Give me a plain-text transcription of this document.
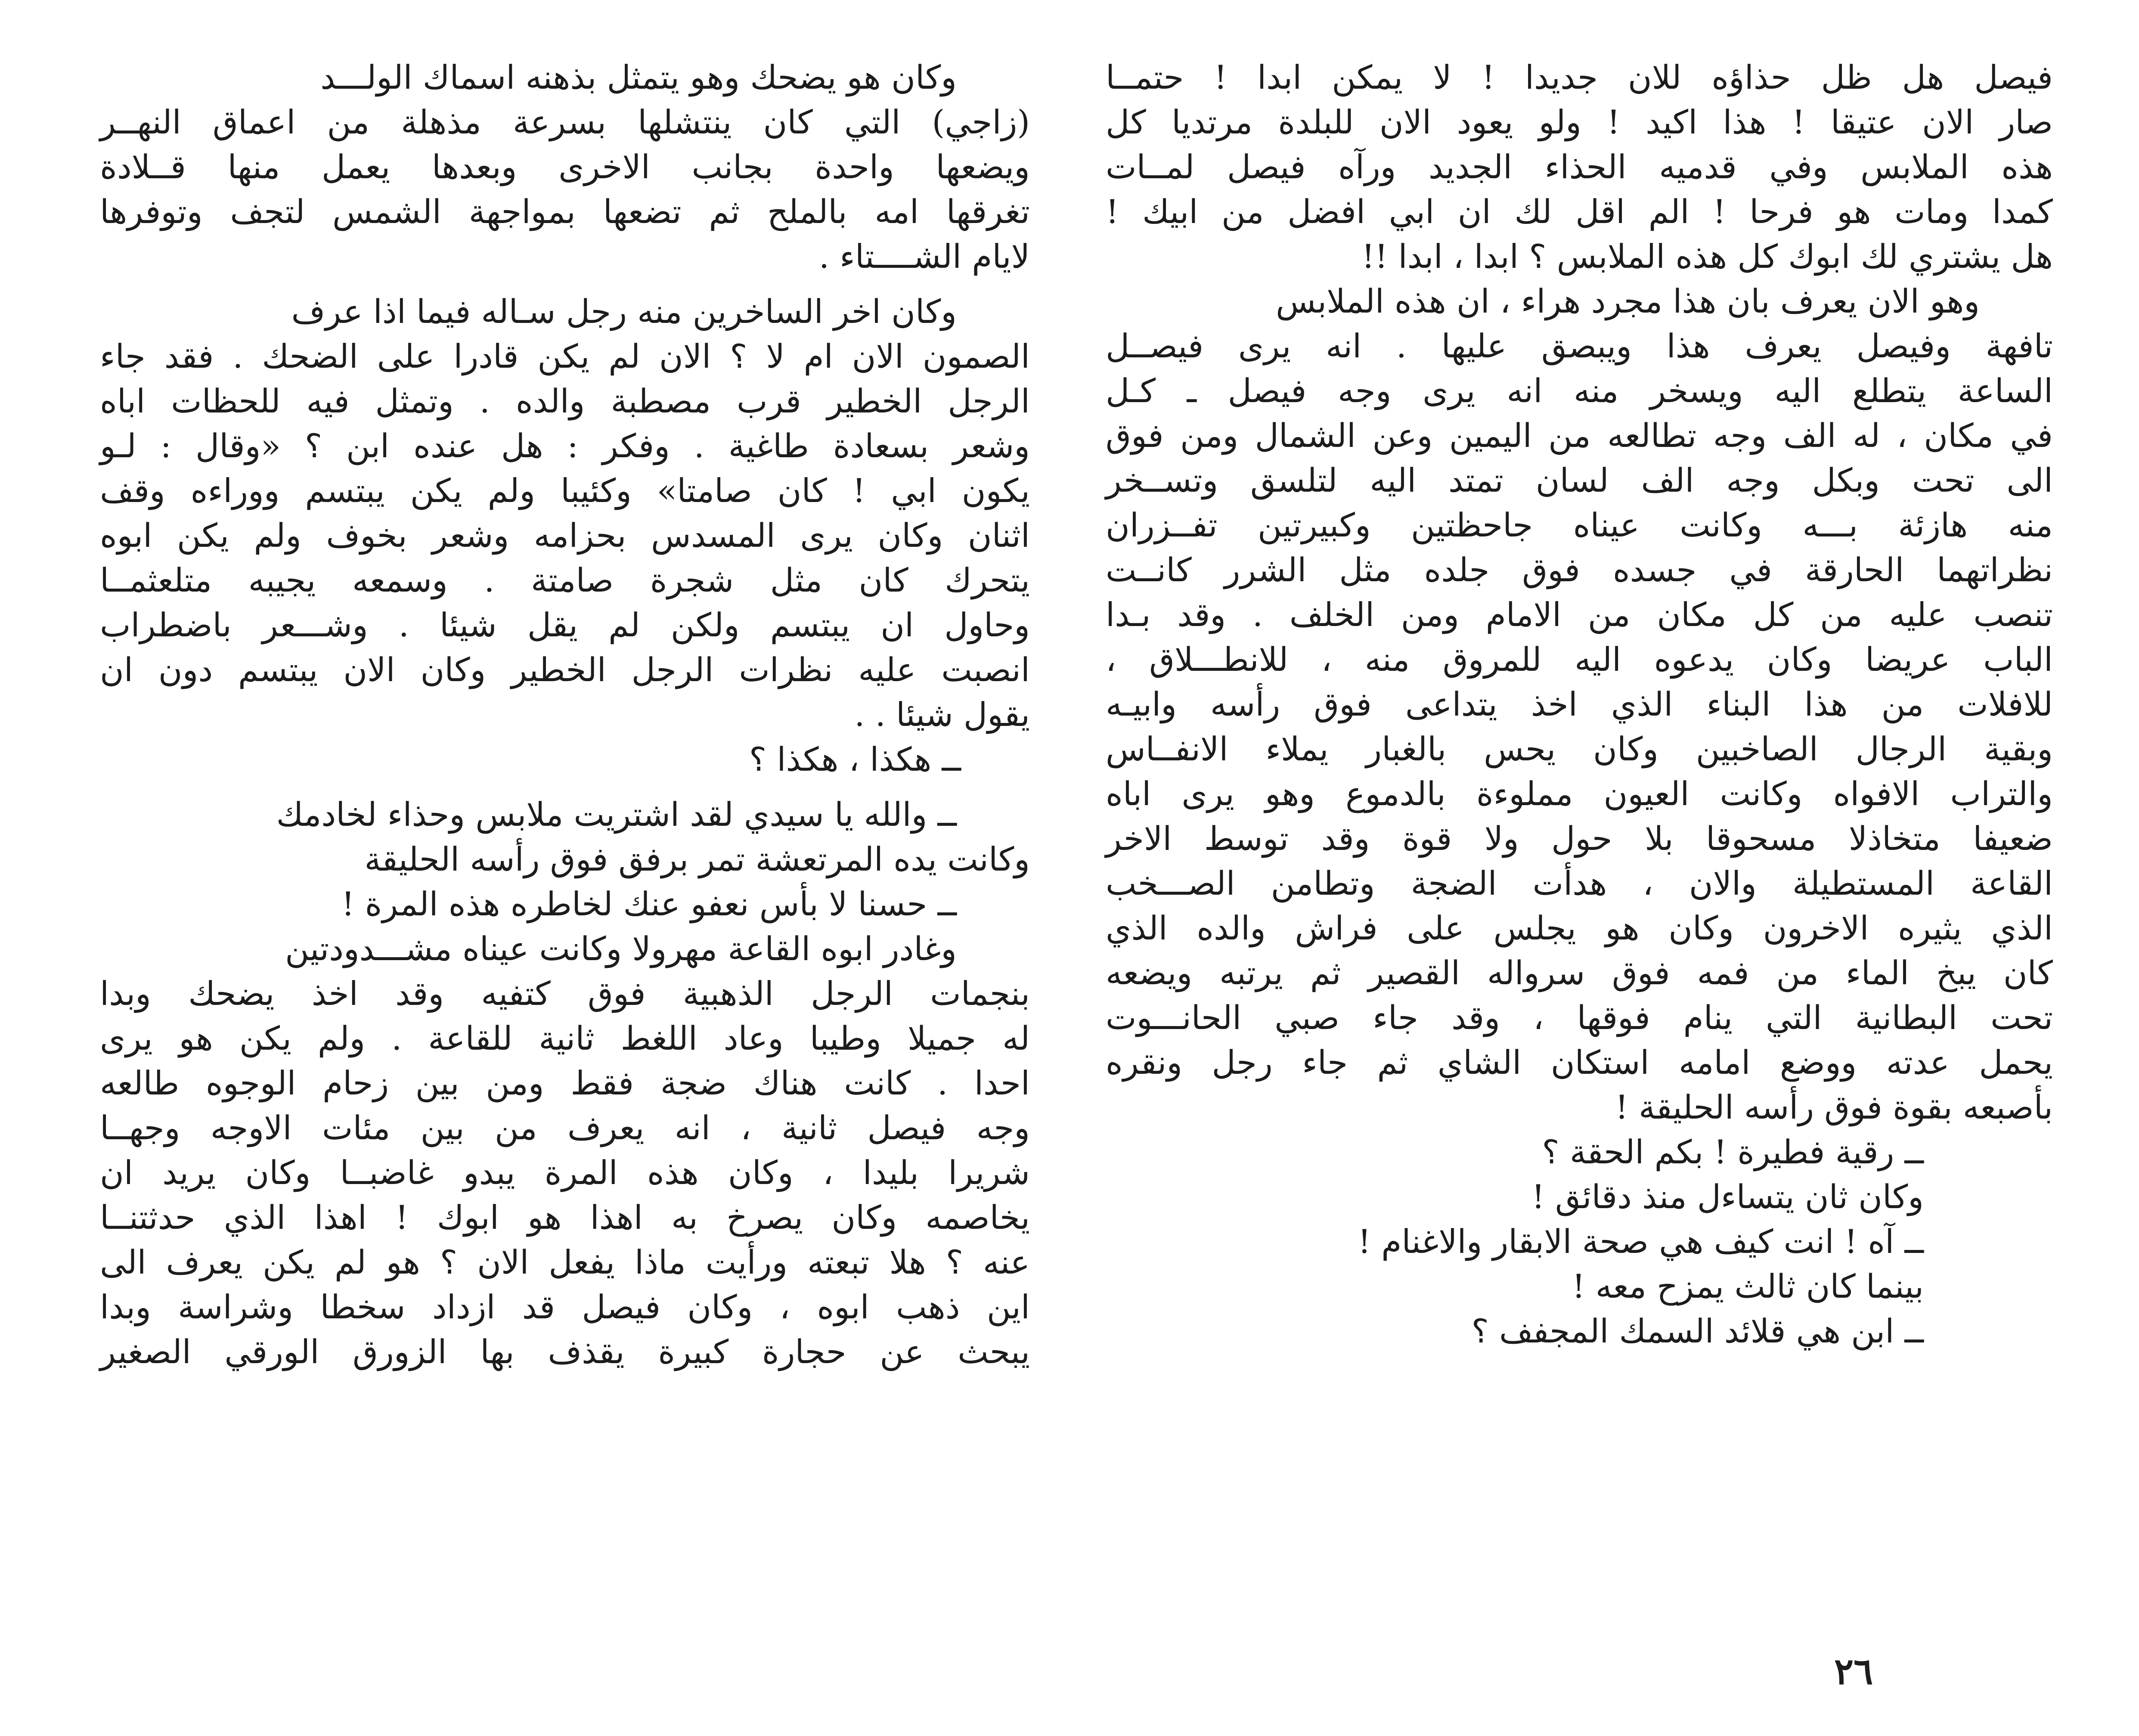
فيصل هل ظل حذاؤه للان جديدا ! لا يمكن ابدا ! حتمــا
صار الان عتيقا ! هذا اكيد ! ولو يعود الان للبلدة مرتديا كل
هذه الملابس وفي قدميه الحذاء الجديد ورآه فيصل لمــات
كمدا ومات هو فرحا ! الم اقل لك ان ابي افضل من ابيك !
هل يشتري لك ابوك كل هذه الملابس ؟ ابدا ، ابدا !!
وهو الان يعرف بان هذا مجرد هراء ، ان هذه الملابس
تافهة وفيصل يعرف هذا ويبصق عليها . انه يرى فيصــل
الساعة يتطلع اليه ويسخر منه انه يرى وجه فيصل ـ كـل
في مكان ، له الف وجه تطالعه من اليمين وعن الشمال ومن فوق
الى تحت وبكل وجه الف لسان تمتد اليه لتلسق وتســخر
منه هازئة بـــه وكانت عيناه جاحظتين وكبيرتين تفــزران
نظراتهما الحارقة في جسده فوق جلده مثل الشرر كانــت
تنصب عليه من كل مكان من الامام ومن الخلف . وقد بـدا
الباب عريضا وكان يدعوه اليه للمروق منه ، للانطـــلاق ،
للافلات من هذا البناء الذي اخذ يتداعى فوق رأسه وابيـه
وبقية الرجال الصاخبين وكان يحس بالغبار يملاء الانفــاس
والتراب الافواه وكانت العيون مملوءة بالدموع وهو يرى اباه
ضعيفا متخاذلا مسحوقا بلا حول ولا قوة وقد توسط الاخر
القاعة المستطيلة والان ، هدأت الضجة وتطامن الصـــخب
الذي يثيره الاخرون وكان هو يجلس على فراش والده الذي
كان يبخ الماء من فمه فوق سرواله القصير ثم يرتبه ويضعه
تحت البطانية التي ينام فوقها ، وقد جاء صبي الحانـــوت
يحمل عدته ووضع امامه استكان الشاي ثم جاء رجل ونقره
بأصبعه بقوة فوق رأسه الحليقة !
ــ رقية فطيرة ! بكم الحقة ؟
وكان ثان يتساءل منذ دقائق !
ــ آه ! انت كيف هي صحة الابقار والاغنام !
بينما كان ثالث يمزح معه !
ــ ابن هي قلائد السمك المجفف ؟
وكان هو يضحك وهو يتمثل بذهنه اسماك الولـــد
(زاجي) التي كان ينتشلها بسرعة مذهلة من اعماق النهــر
ويضعها واحدة بجانب الاخرى وبعدها يعمل منها قــلادة
تغرقها امه بالملح ثم تضعها بمواجهة الشمس لتجف وتوفرها
لايام الشــــتاء .
وكان اخر الساخرين منه رجل سـاله فيما اذا عرف
الصمون الان ام لا ؟ الان لم يكن قادرا على الضحك . فقد جاء
الرجل الخطير قرب مصطبة والده . وتمثل فيه للحظات اباه
وشعر بسعادة طاغية . وفكر : هل عنده ابن ؟ «وقال : لـو
يكون ابي ! كان صامتا» وكئيبا ولم يكن يبتسم ووراءه وقف
اثنان وكان يرى المسدس بحزامه وشعر بخوف ولم يكن ابوه
يتحرك كان مثل شجرة صامتة . وسمعه يجيبه متلعثمــا
وحاول ان يبتسم ولكن لم يقل شيئا . وشـــعر باضطراب
انصبت عليه نظرات الرجل الخطير وكان الان يبتسم دون ان
يقول شيئا . .
ــ هكذا ، هكذا ؟
ــ والله يا سيدي لقد اشتريت ملابس وحذاء لخادمك
وكانت يده المرتعشة تمر برفق فوق رأسه الحليقة
ــ حسنا لا بأس نعفو عنك لخاطره هذه المرة !
وغادر ابوه القاعة مهرولا وكانت عيناه مشـــدودتين
بنجمات الرجل الذهبية فوق كتفيه وقد اخذ يضحك وبدا
له جميلا وطيبا وعاد اللغط ثانية للقاعة . ولم يكن هو يرى
احدا . كانت هناك ضجة فقط ومن بين زحام الوجوه طالعه
وجه فيصل ثانية ، انه يعرف من بين مئات الاوجه وجهــا
شريرا بليدا ، وكان هذه المرة يبدو غاضبــا وكان يريد ان
يخاصمه وكان يصرخ به اهذا هو ابوك ! اهذا الذي حدثتنــا
عنه ؟ هلا تبعته ورأيت ماذا يفعل الان ؟ هو لم يكن يعرف الى
اين ذهب ابوه ، وكان فيصل قد ازداد سخطا وشراسة وبدا
يبحث عن حجارة كبيرة يقذف بها الزورق الورقي الصغير
٢٦
